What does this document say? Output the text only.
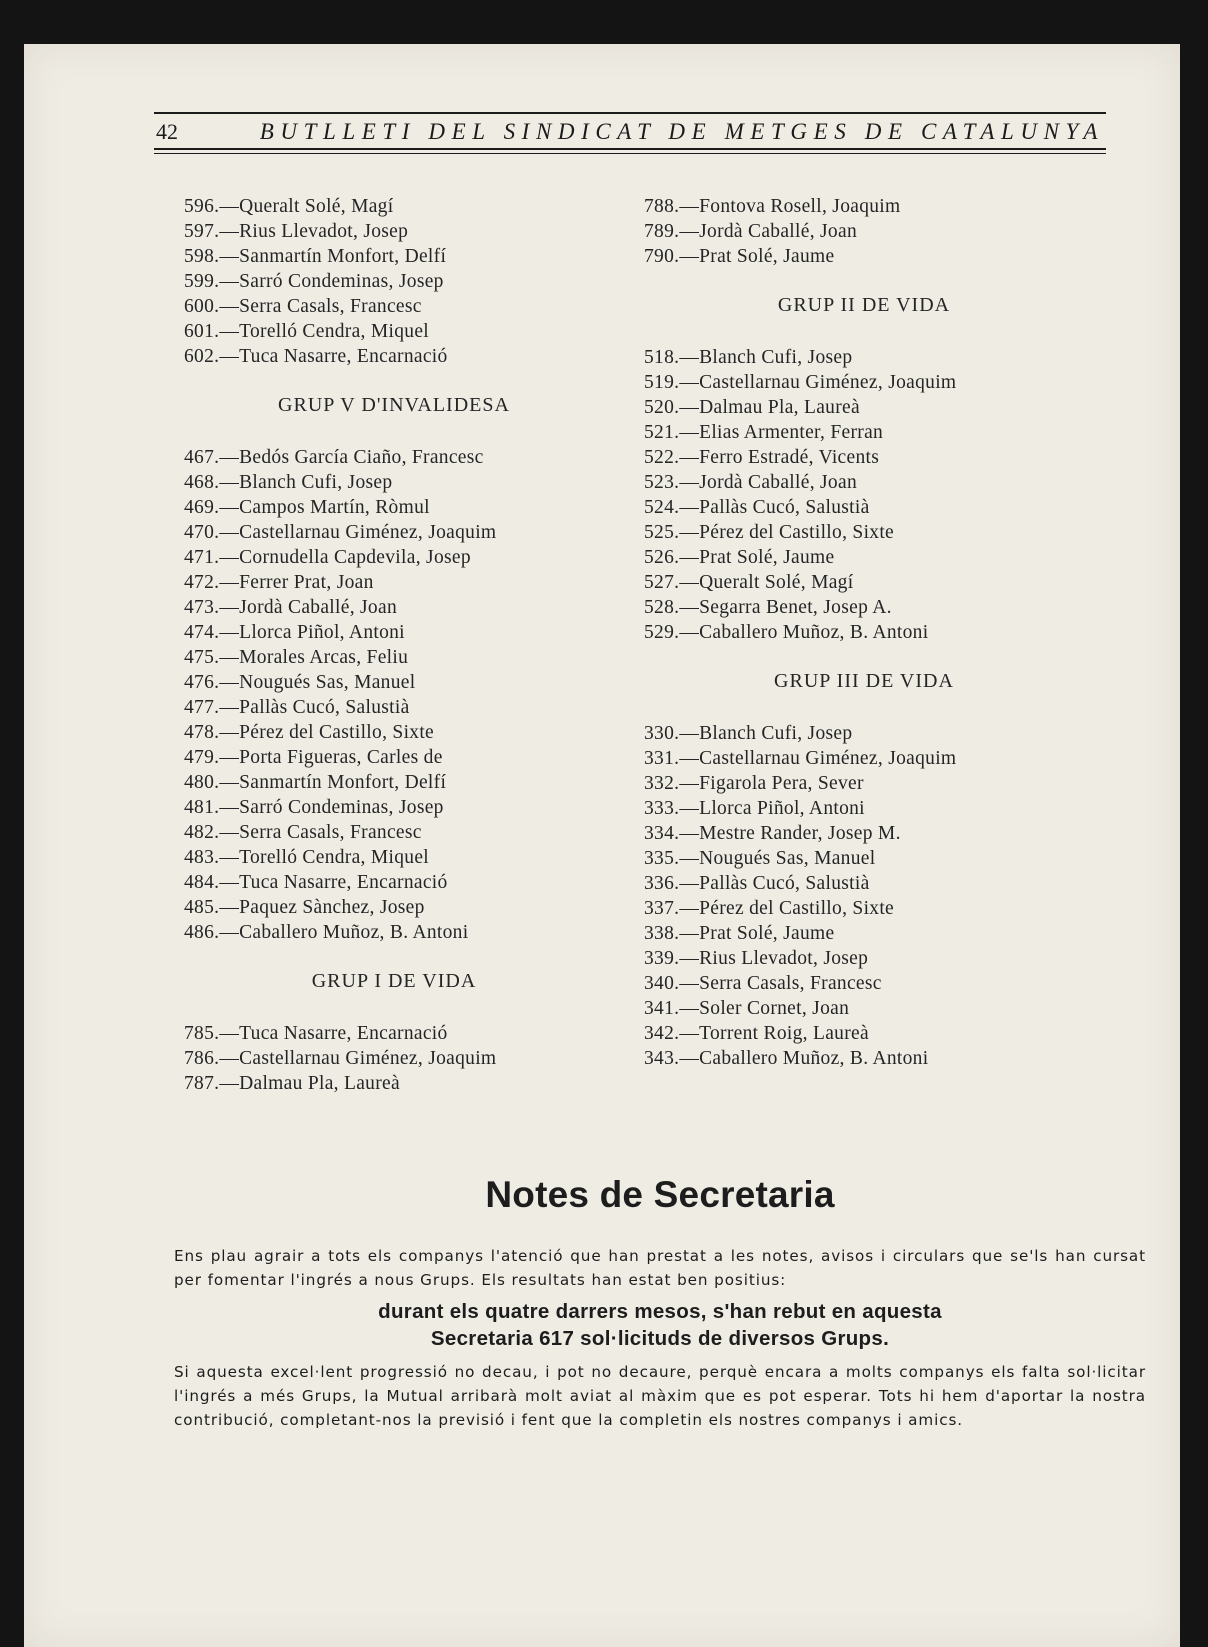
42	BUTLLETI DEL SINDICAT DE METGES DE CATALUNYA
596.—Queralt Solé, Magí
597.—Rius Llevadot, Josep
598.—Sanmartín Monfort, Delfí
599.—Sarró Condeminas, Josep
600.—Serra Casals, Francesc
601.—Torelló Cendra, Miquel
602.—Tuca Nasarre, Encarnació
GRUP V D'INVALIDESA
467.—Bedós García Ciaño, Francesc
468.—Blanch Cufi, Josep
469.—Campos Martín, Ròmul
470.—Castellarnau Giménez, Joaquim
471.—Cornudella Capdevila, Josep
472.—Ferrer Prat, Joan
473.—Jordà Caballé, Joan
474.—Llorca Piñol, Antoni
475.—Morales Arcas, Feliu
476.—Nougués Sas, Manuel
477.—Pallàs Cucó, Salustià
478.—Pérez del Castillo, Sixte
479.—Porta Figueras, Carles de
480.—Sanmartín Monfort, Delfí
481.—Sarró Condeminas, Josep
482.—Serra Casals, Francesc
483.—Torelló Cendra, Miquel
484.—Tuca Nasarre, Encarnació
485.—Paquez Sànchez, Josep
486.—Caballero Muñoz, B. Antoni
GRUP I DE VIDA
785.—Tuca Nasarre, Encarnació
786.—Castellarnau Giménez, Joaquim
787.—Dalmau Pla, Laureà
788.—Fontova Rosell, Joaquim
789.—Jordà Caballé, Joan
790.—Prat Solé, Jaume
GRUP II DE VIDA
518.—Blanch Cufi, Josep
519.—Castellarnau Giménez, Joaquim
520.—Dalmau Pla, Laureà
521.—Elias Armenter, Ferran
522.—Ferro Estradé, Vicents
523.—Jordà Caballé, Joan
524.—Pallàs Cucó, Salustià
525.—Pérez del Castillo, Sixte
526.—Prat Solé, Jaume
527.—Queralt Solé, Magí
528.—Segarra Benet, Josep A.
529.—Caballero Muñoz, B. Antoni
GRUP III DE VIDA
330.—Blanch Cufi, Josep
331.—Castellarnau Giménez, Joaquim
332.—Figarola Pera, Sever
333.—Llorca Piñol, Antoni
334.—Mestre Rander, Josep M.
335.—Nougués Sas, Manuel
336.—Pallàs Cucó, Salustià
337.—Pérez del Castillo, Sixte
338.—Prat Solé, Jaume
339.—Rius Llevadot, Josep
340.—Serra Casals, Francesc
341.—Soler Cornet, Joan
342.—Torrent Roig, Laureà
343.—Caballero Muñoz, B. Antoni
Notes de Secretaria

Ens plau agrair a tots els companys l'atenció que han prestat a les notes, avisos i circulars que se'ls han cursat per fomentar l'ingrés a nous Grups. Els resultats han estat ben positius:

durant els quatre darrers mesos, s'han rebut en aquesta
Secretaria 617 sol·licituds de diversos Grups.

Si aquesta excel·lent progressió no decau, i pot no decaure, perquè encara a molts companys els falta sol·licitar l'ingrés a més Grups, la Mutual arribarà molt aviat al màxim que es pot esperar. Tots hi hem d'aportar la nostra contribució, completant-nos la previsió i fent que la completin els nostres companys i amics.
